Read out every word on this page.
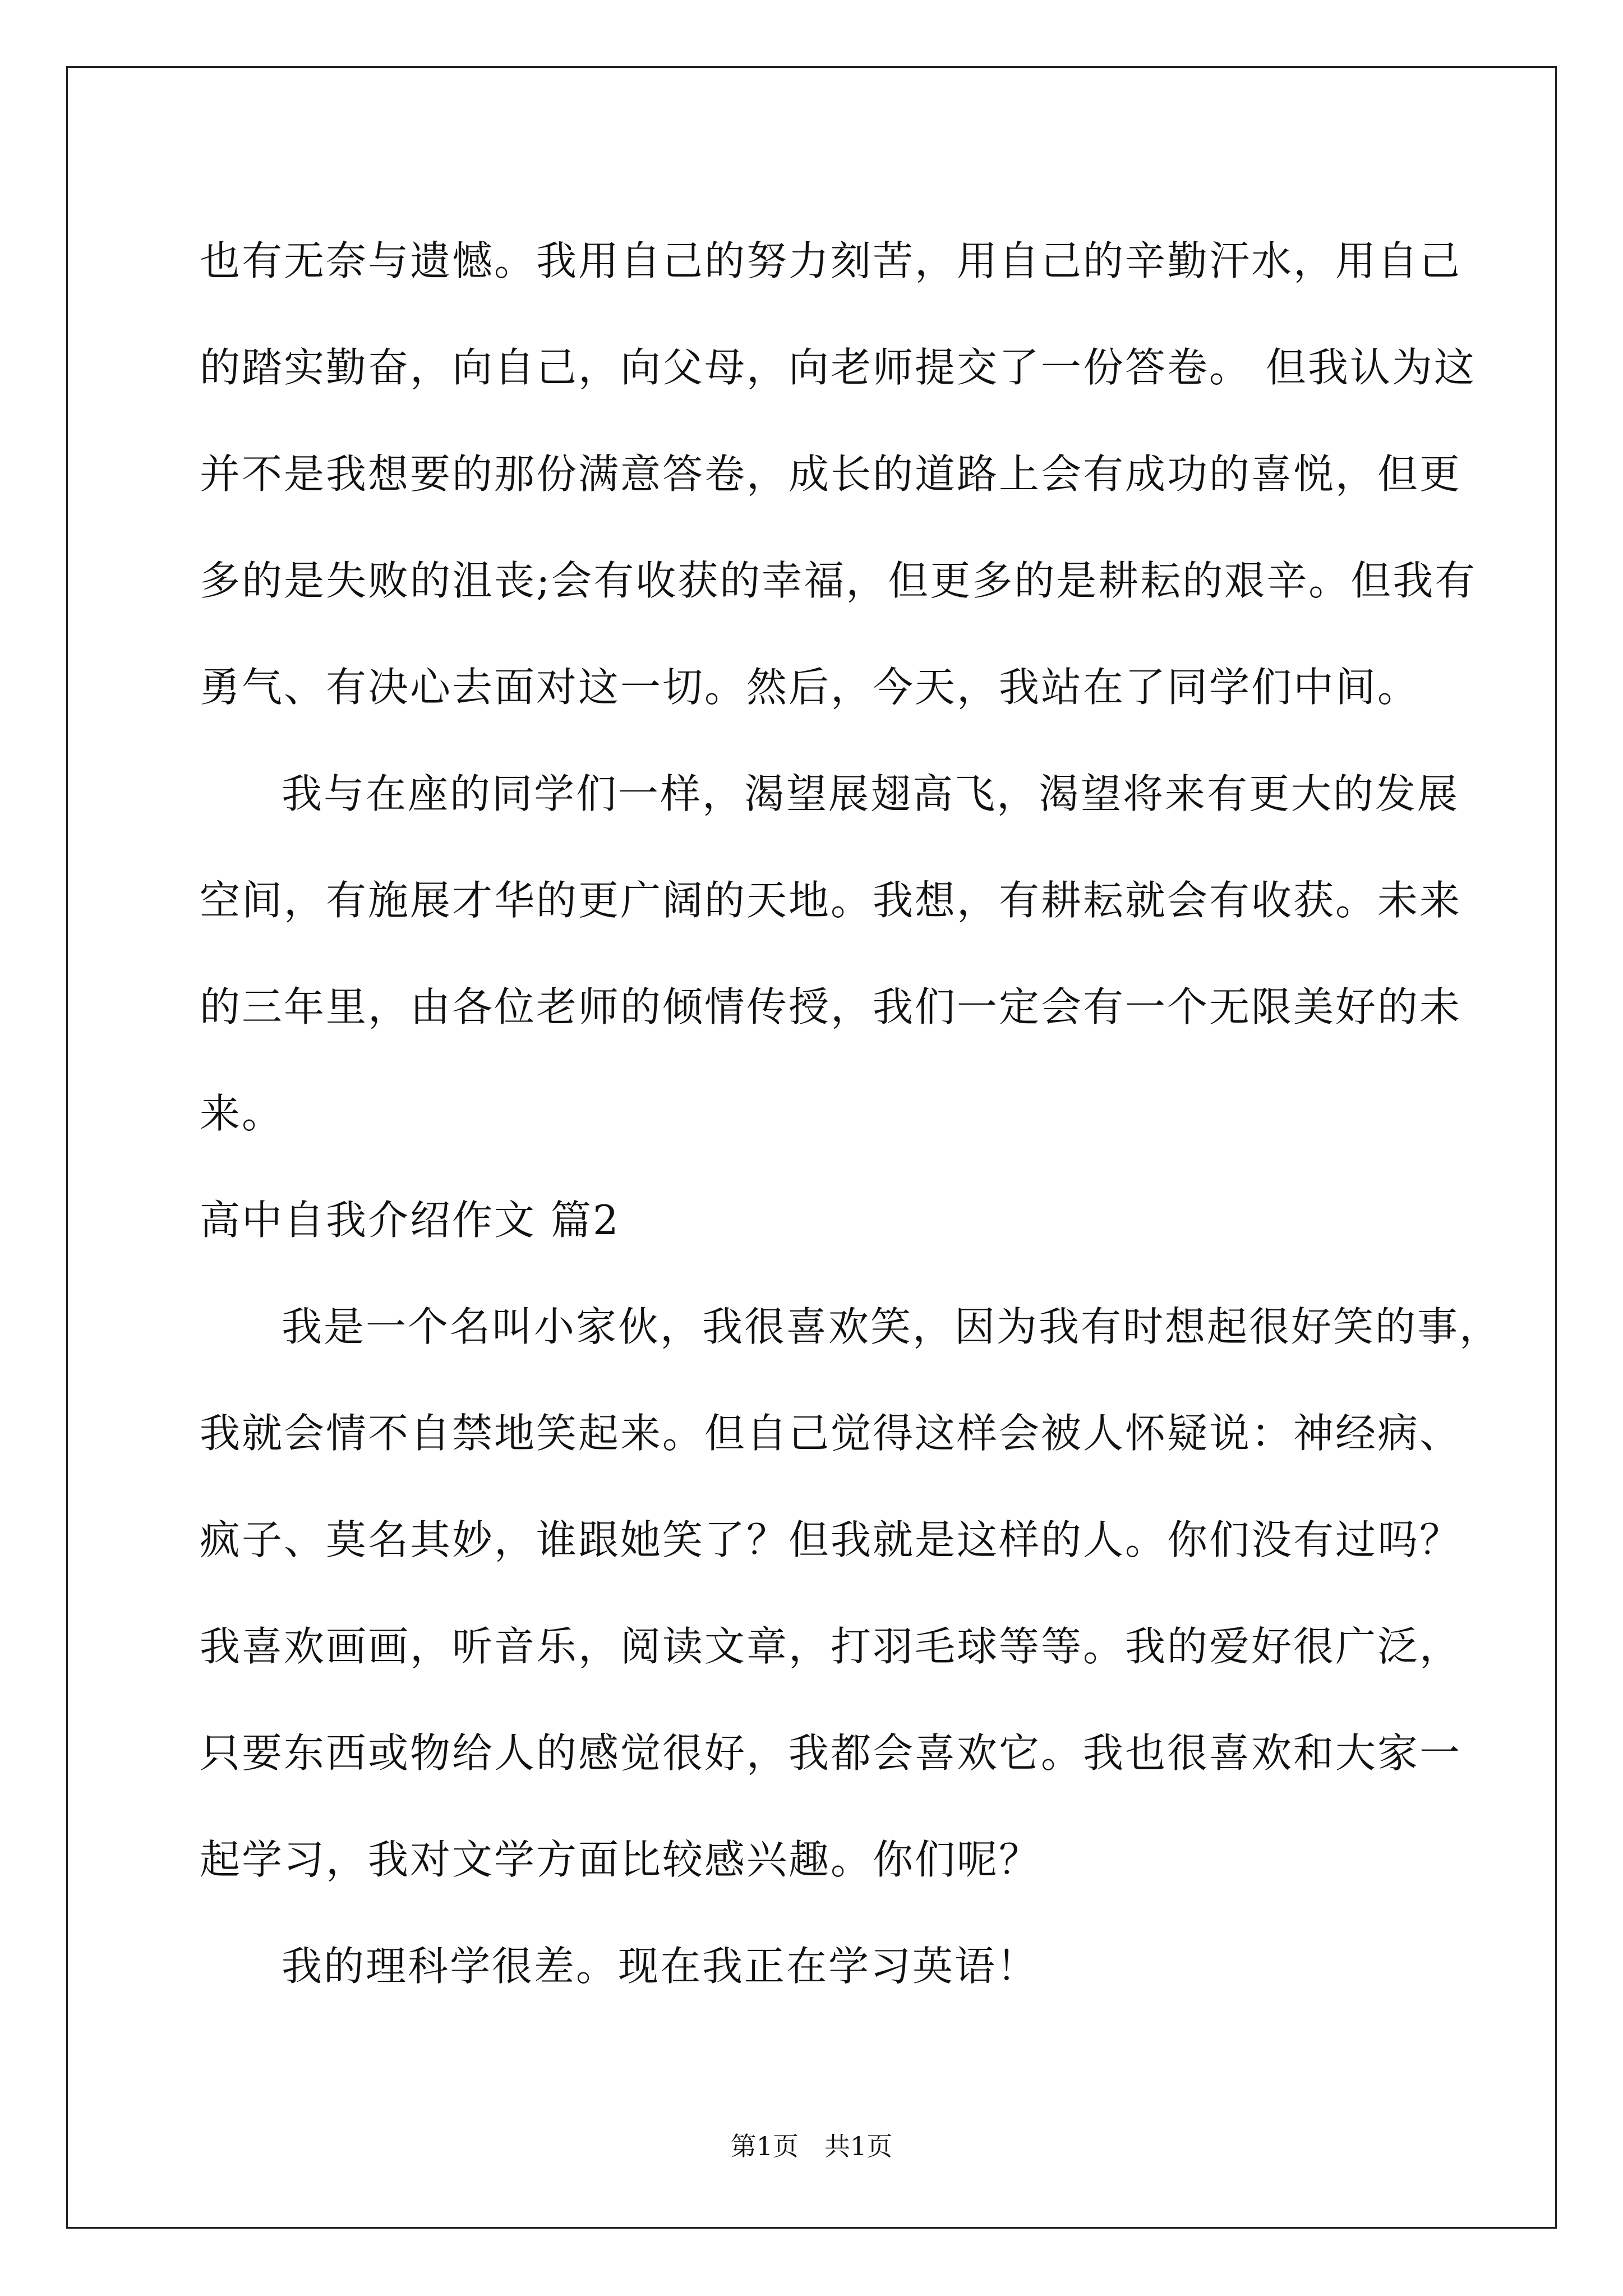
也有无奈与遗憾。我用自己的努力刻苦，用自己的辛勤汗水，用自己
的踏实勤奋，向自己，向父母，向老师提交了一份答卷。 但我认为这
并不是我想要的那份满意答卷，成长的道路上会有成功的喜悦，但更
多的是失败的沮丧;会有收获的幸福，但更多的是耕耘的艰辛。但我有
勇气、有决心去面对这一切。然后，今天，我站在了同学们中间。
我与在座的同学们一样，渴望展翅高飞，渴望将来有更大的发展
空间，有施展才华的更广阔的天地。我想，有耕耘就会有收获。未来
的三年里，由各位老师的倾情传授，我们一定会有一个无限美好的未
来。
高中自我介绍作文 篇2
我是一个名叫小家伙，我很喜欢笑，因为我有时想起很好笑的事，
我就会情不自禁地笑起来。但自己觉得这样会被人怀疑说：神经病、
疯子、莫名其妙，谁跟她笑了？但我就是这样的人。你们没有过吗？
我喜欢画画，听音乐，阅读文章，打羽毛球等等。我的爱好很广泛，
只要东西或物给人的感觉很好，我都会喜欢它。我也很喜欢和大家一
起学习，我对文学方面比较感兴趣。你们呢？
我的理科学很差。现在我正在学习英语！
第1页　共1页
